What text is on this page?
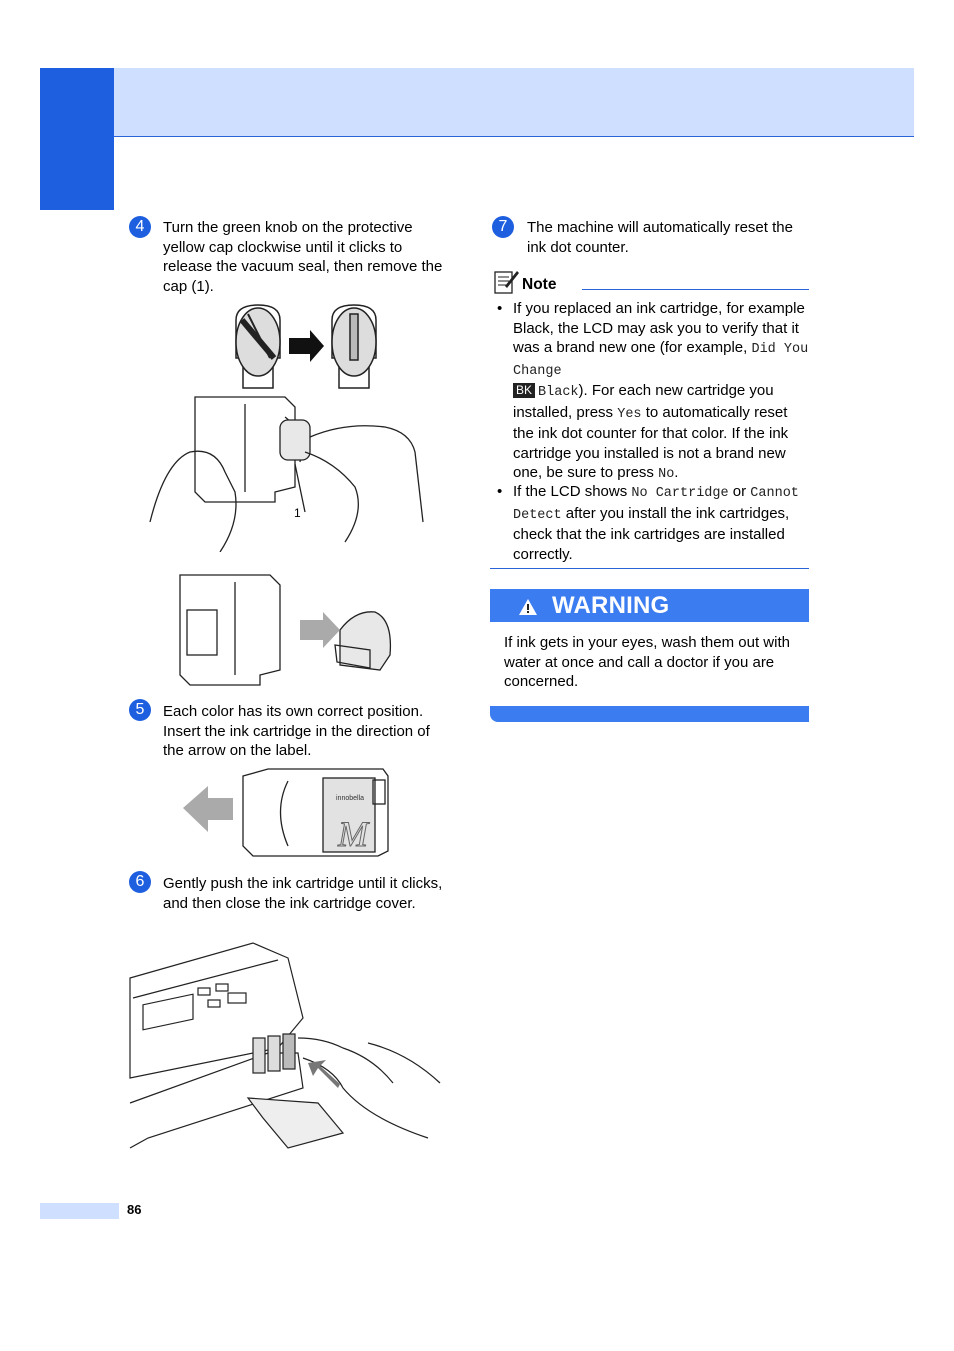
4	Turn the green knob on the protective yellow cap clockwise until it clicks to release the vacuum seal, then remove the cap (1).
1
5	Each color has its own correct position. Insert the ink cartridge in the direction of the arrow on the label.
innobella
M
6	Gently push the ink cartridge until it clicks, and then close the ink cartridge cover.
7	The machine will automatically reset the ink dot counter.
Note
• If you replaced an ink cartridge, for example Black, the LCD may ask you to verify that it was a brand new one (for example, Did You Change
BK Black). For each new cartridge you installed, press Yes to automatically reset the ink dot counter for that color. If the ink cartridge you installed is not a brand new one, be sure to press No.
• If the LCD shows No Cartridge or Cannot Detect after you install the ink cartridges, check that the ink cartridges are installed correctly.
WARNING
If ink gets in your eyes, wash them out with water at once and call a doctor if you are concerned.
86
